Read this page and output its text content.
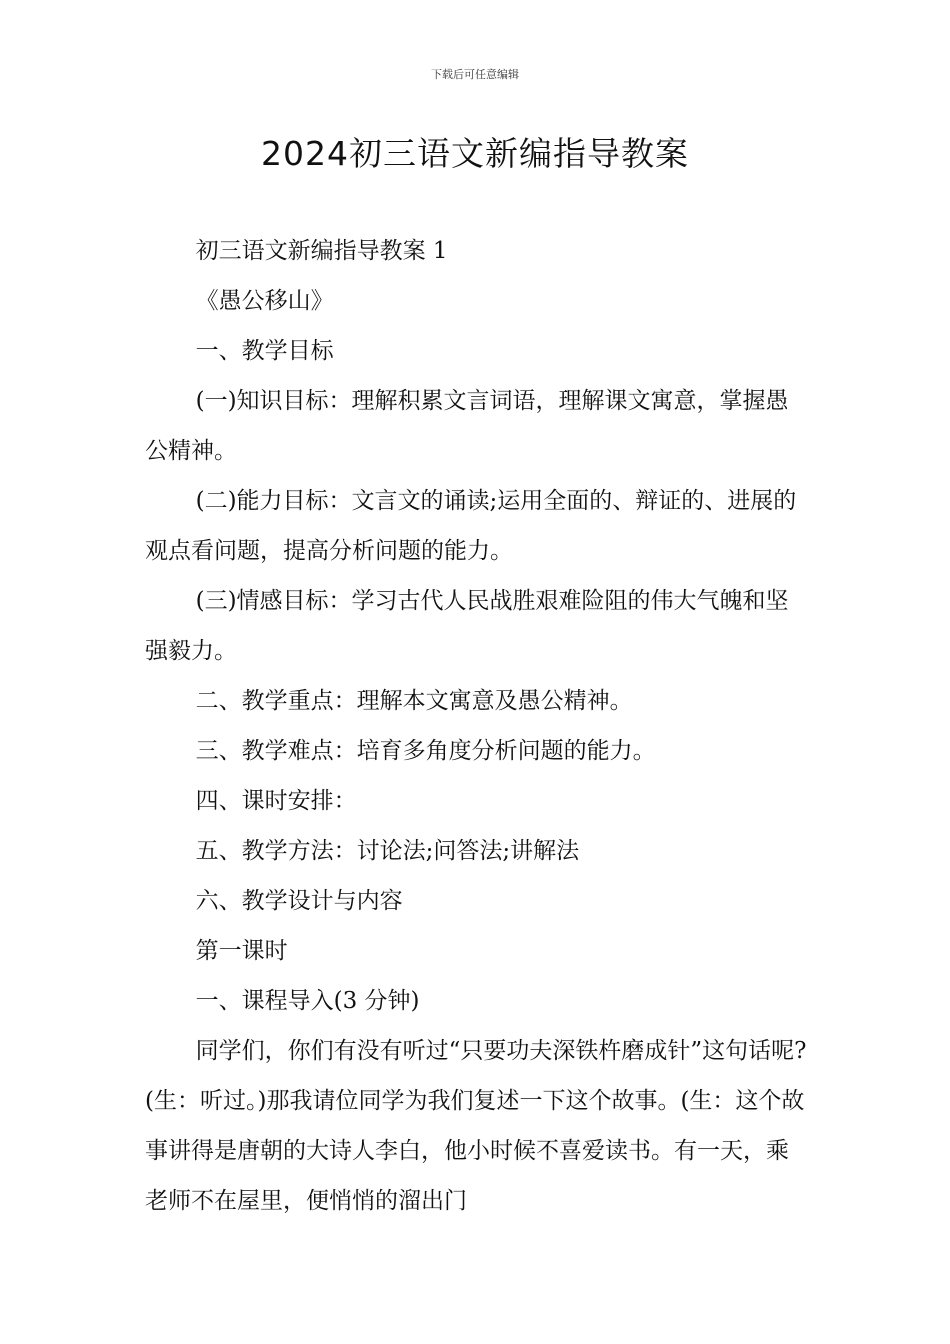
下载后可任意编辑
2024初三语文新编指导教案

初三语文新编指导教案 1

《愚公移山》

一、教学目标

(一)知识目标：理解积累文言词语，理解课文寓意，掌握愚公精神。

(二)能力目标：文言文的诵读;运用全面的、辩证的、进展的观点看问题，提高分析问题的能力。

(三)情感目标：学习古代人民战胜艰难险阻的伟大气魄和坚强毅力。

二、教学重点：理解本文寓意及愚公精神。

三、教学难点：培育多角度分析问题的能力。

四、课时安排：

五、教学方法：讨论法;问答法;讲解法

六、教学设计与内容

第一课时

一、课程导入(3 分钟)

同学们，你们有没有听过“只要功夫深铁杵磨成针”这句话呢?(生：听过。)那我请位同学为我们复述一下这个故事。(生：这个故事讲得是唐朝的大诗人李白，他小时候不喜爱读书。有一天，乘老师不在屋里，便悄悄的溜出门
